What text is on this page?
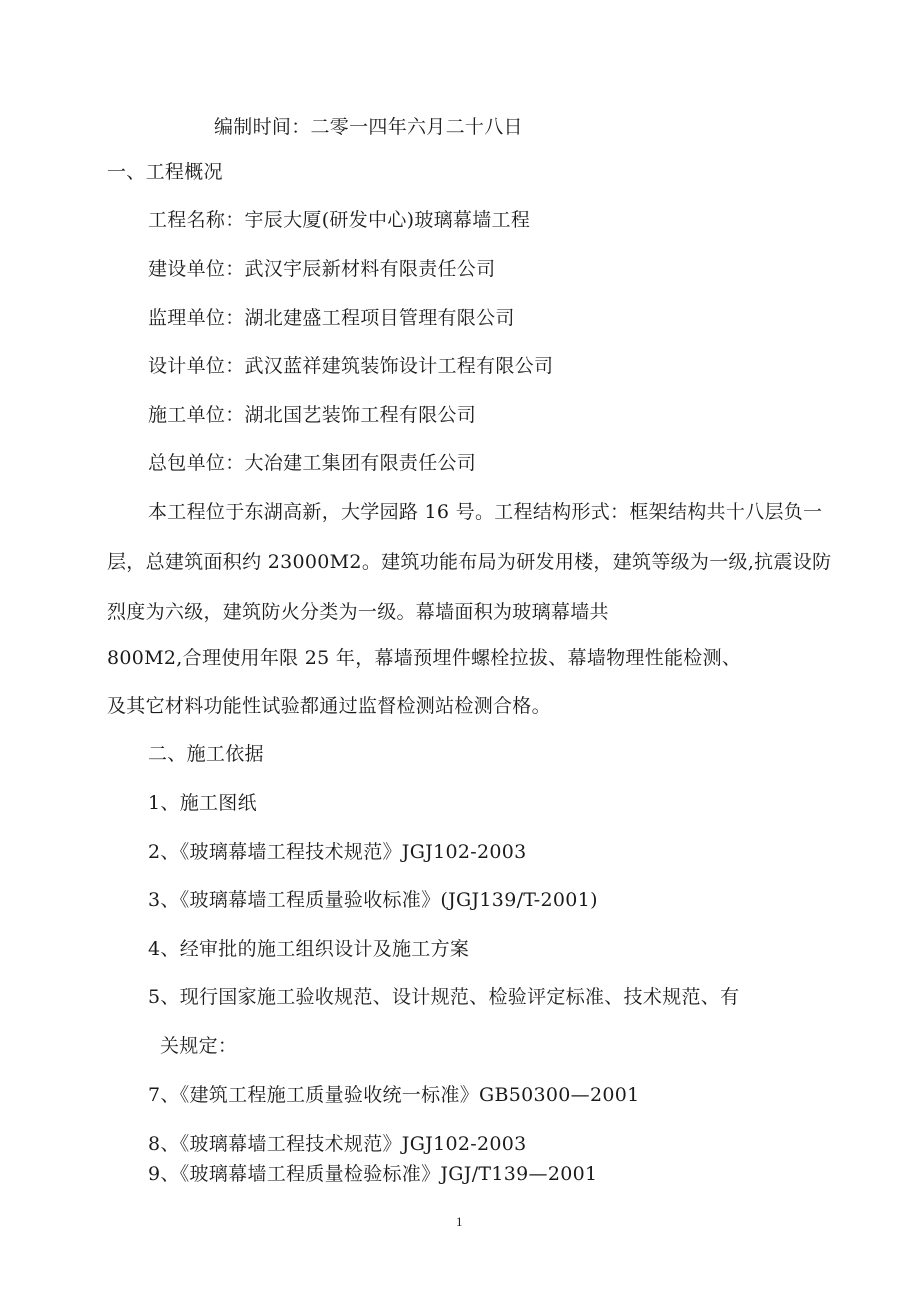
编制时间：二零一四年六月二十八日
一、工程概况
工程名称：宇辰大厦(研发中心)玻璃幕墙工程
建设单位：武汉宇辰新材料有限责任公司
监理单位：湖北建盛工程项目管理有限公司
设计单位：武汉蓝祥建筑装饰设计工程有限公司
施工单位：湖北国艺装饰工程有限公司
总包单位：大冶建工集团有限责任公司
本工程位于东湖高新，大学园路 16 号。工程结构形式：框架结构共十八层负一
层，总建筑面积约 23000M2。建筑功能布局为研发用楼，建筑等级为一级,抗震设防
烈度为六级，建筑防火分类为一级。幕墙面积为玻璃幕墙共
800M2,合理使用年限 25 年，幕墙预埋件螺栓拉拔、幕墙物理性能检测、
及其它材料功能性试验都通过监督检测站检测合格。
二、施工依据
1、施工图纸
2、《玻璃幕墙工程技术规范》JGJ102-2003
3、《玻璃幕墙工程质量验收标准》(JGJ139/T-2001)
4、经审批的施工组织设计及施工方案
5、现行国家施工验收规范、设计规范、检验评定标准、技术规范、有
关规定：
7、《建筑工程施工质量验收统一标准》GB50300—2001
8、《玻璃幕墙工程技术规范》JGJ102-2003
9、《玻璃幕墙工程质量检验标准》JGJ/T139—2001
1
